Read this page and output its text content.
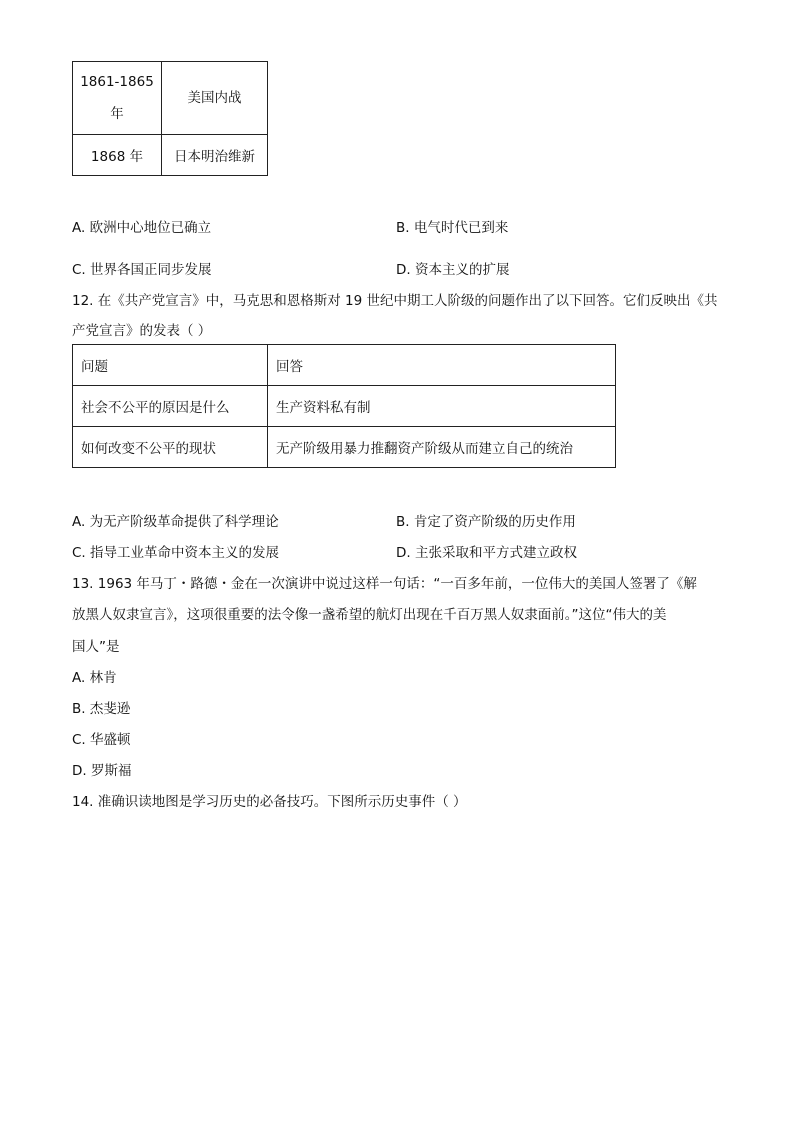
1861-1865
年	美国内战
1868 年	日本明治维新
A. 欧洲中心地位已确立	B. 电气时代已到来
C. 世界各国正同步发展	D. 资本主义的扩展
12. 在《共产党宣言》中，马克思和恩格斯对 19 世纪中期工人阶级的问题作出了以下回答。它们反映出《共
产党宣言》的发表（ ）
问题	回答
社会不公平的原因是什么	生产资料私有制
如何改变不公平的现状	无产阶级用暴力推翻资产阶级从而建立自己的统治
A. 为无产阶级革命提供了科学理论	B. 肯定了资产阶级的历史作用
C. 指导工业革命中资本主义的发展	D. 主张采取和平方式建立政权
13. 1963 年马丁・路德・金在一次演讲中说过这样一句话：“一百多年前，一位伟大的美国人签署了《解
放黑人奴隶宣言》，这项很重要的法令像一盏希望的航灯出现在千百万黑人奴隶面前。”这位“伟大的美
国人”是
A. 林肯
B. 杰斐逊
C. 华盛顿
D. 罗斯福
14. 准确识读地图是学习历史的必备技巧。下图所示历史事件（ ）
